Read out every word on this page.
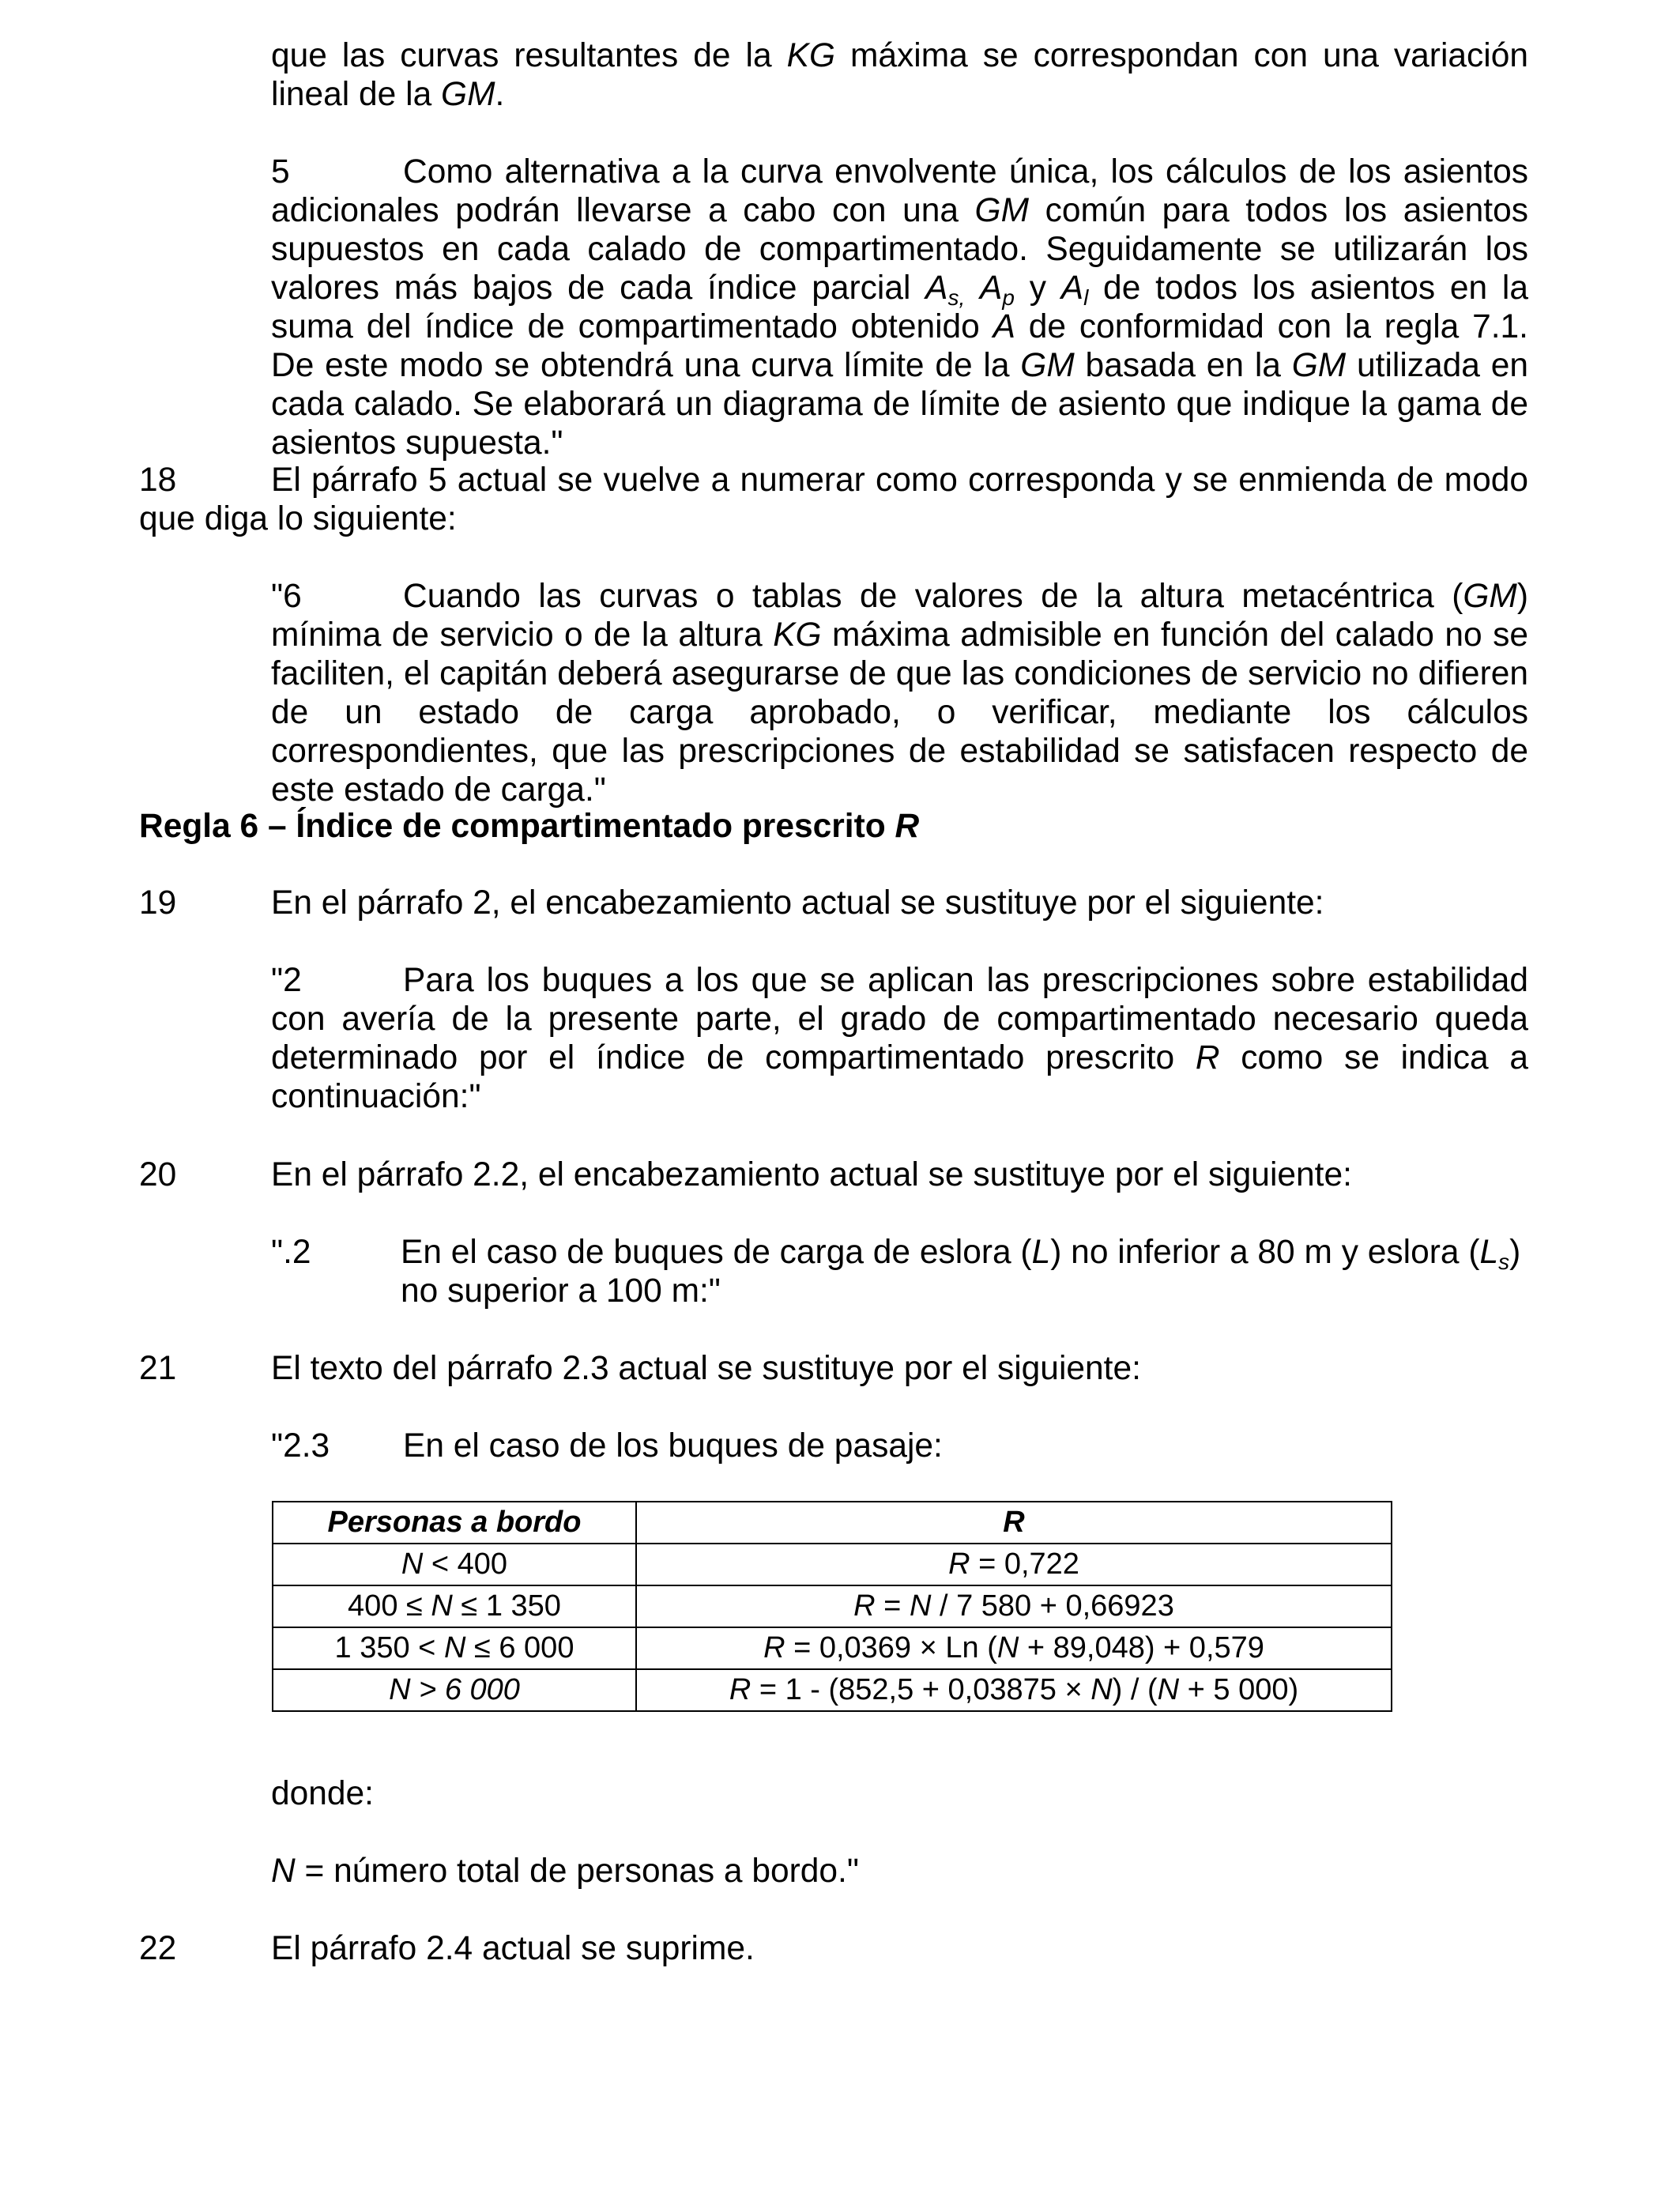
que las curvas resultantes de la KG máxima se correspondan con una variación lineal de la GM.

5	Como alternativa a la curva envolvente única, los cálculos de los asientos adicionales podrán llevarse a cabo con una GM común para todos los asientos supuestos en cada calado de compartimentado. Seguidamente se utilizarán los valores más bajos de cada índice parcial $A_{s,}$ $A_p$ y $A_l$ de todos los asientos en la suma del índice de compartimentado obtenido A de conformidad con la regla 7.1. De este modo se obtendrá una curva límite de la GM basada en la GM utilizada en cada calado. Se elaborará un diagrama de límite de asiento que indique la gama de asientos supuesta."

18	El párrafo 5 actual se vuelve a numerar como corresponda y se enmienda de modo que diga lo siguiente:

"6	Cuando las curvas o tablas de valores de la altura metacéntrica (GM) mínima de servicio o de la altura KG máxima admisible en función del calado no se faciliten, el capitán deberá asegurarse de que las condiciones de servicio no difieren de un estado de carga aprobado, o verificar, mediante los cálculos correspondientes, que las prescripciones de estabilidad se satisfacen respecto de este estado de carga."

Regla 6 – Índice de compartimentado prescrito R

19	En el párrafo 2, el encabezamiento actual se sustituye por el siguiente:

"2	Para los buques a los que se aplican las prescripciones sobre estabilidad con avería de la presente parte, el grado de compartimentado necesario queda determinado por el índice de compartimentado prescrito R como se indica a continuación:"

20	En el párrafo 2.2, el encabezamiento actual se sustituye por el siguiente:

".2	En el caso de buques de carga de eslora (L) no inferior a 80 m y eslora $(L_s)$
no superior a 100 m:"

21	El texto del párrafo 2.3 actual se sustituye por el siguiente:

"2.3 En el caso de los buques de pasaje:

Personas a bordo	R
N < 400	R = 0,722
400 ≤ N ≤ 1 350	R = N / 7 580 + 0,66923
1 350 < N ≤ 6 000	R = 0,0369 × Ln (N + 89,048) + 0,579
N > 6 000	R = 1 - (852,5 + 0,03875 × N) / (N + 5 000)

donde:

N = número total de personas a bordo."

22	El párrafo 2.4 actual se suprime.
